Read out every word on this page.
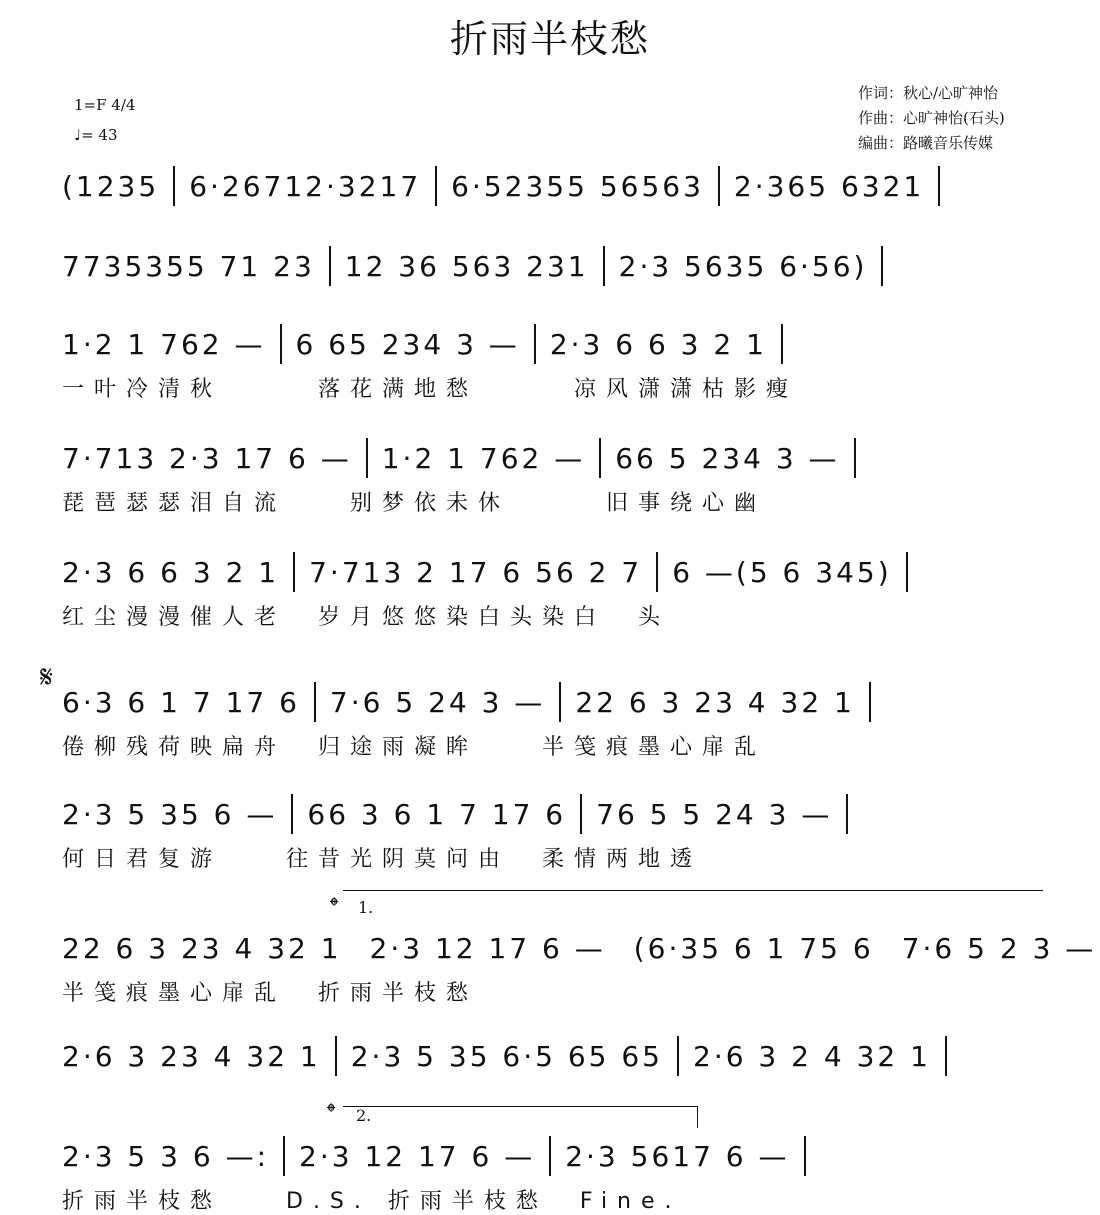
折雨半枝愁
1=F 4/4
♩= 43
作词：秋心/心旷神怡
作曲：心旷神怡(石头)
编曲：路曦音乐传媒
(1235 6·26712·3217 6·52355 56563 2·365 6321
7735355 71 23 12 36 563 231 2·3 5635 6·56)
1·2 1 762 — 6 65 234 3 — 2·3 6 6 3 2 1
一叶冷清秋　　　落花满地愁　　　凉风潇潇枯影瘦
7·713 2·3 17 6 — 1·2 1 762 — 66 5 234 3 —
琵琶瑟瑟泪自流　　别梦依未休　　　旧事绕心幽
2·3 6 6 3 2 1 7·713 2 17 6 56 2 7 6 —(5 6 345)
红尘漫漫催人老　岁月悠悠染白头染白　头
6·3 6 1 7 17 6 7·6 5 24 3 — 22 6 3 23 4 32 1
倦柳残荷映扁舟　归途雨凝眸　　半笺痕墨心扉乱
2·3 5 35 6 — 66 3 6 1 7 17 6 76 5 5 24 3 —
何日君复游　　往昔光阴莫问由　柔情两地透
22 6 3 23 4 32 1 2·3 12 17 6 — (6·35 6 1 75 6 7·6 5 2 3 —
半笺痕墨心扉乱　折雨半枝愁
2·6 3 23 4 32 1 2·3 5 35 6·5 65 65 2·6 3 2 4 32 1
2·3 5 3 6 —: 2·3 12 17 6 — 2·3 5617 6 —
折雨半枝愁　　D.S. 折雨半枝愁　Fine.
𝄋
𝄌 1.
𝄌 2.
